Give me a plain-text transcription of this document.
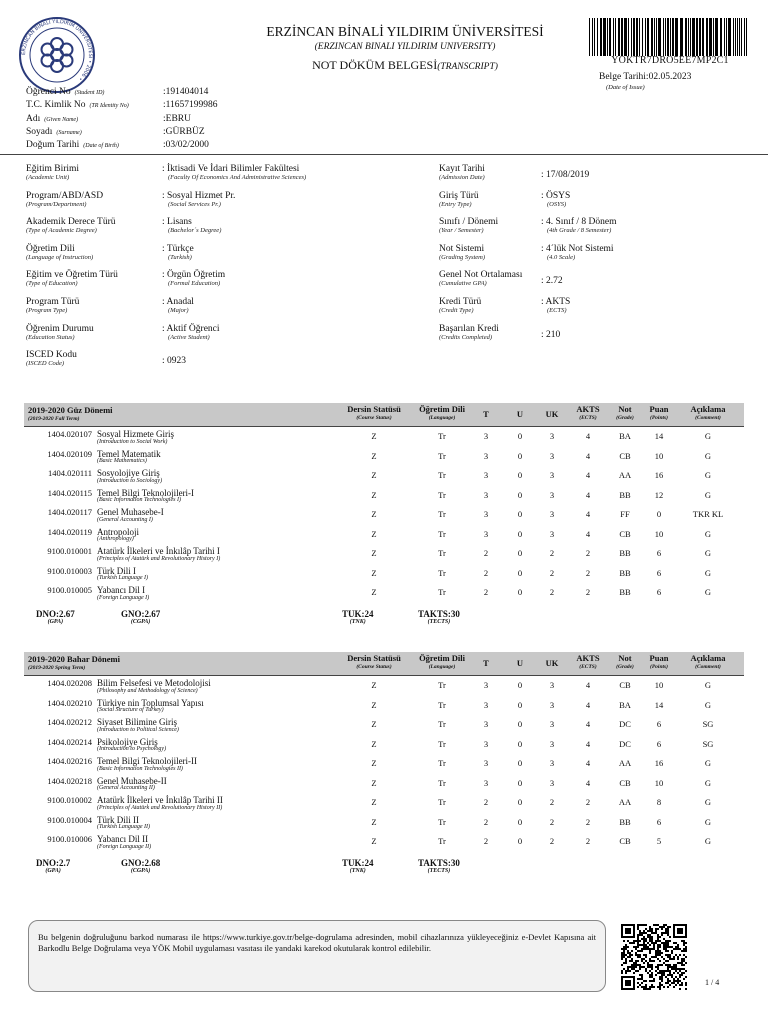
ERZİNCAN BİNALİ YILDIRIM ÜNİVERSİTESİ • 2006 •
ERZİNCAN BİNALİ YILDIRIM ÜNİVERSİTESİ
(ERZINCAN BINALI YILDIRIM UNIVERSITY)
NOT DÖKÜM BELGESİ(TRANSCRIPT)
YOKTR7DRO5EE7MP2C1
Belge Tarihi:02.05.2023
(Date of Issue)
Öğrenci No (Student ID)	:191404014
T.C. Kimlik No (TR Identity No)	:11657199986
Adı (Given Name)	:EBRU
Soyadı (Surname)	:GÜRBÜZ
Doğum Tarihi (Date of Birth)	:03/02/2000
Eğitim Birimi
(Academic Unit)
: İktisadi Ve İdari Bilimler Fakültesi
(Faculty Of Economics And Administrative Sciences)
Program/ABD/ASD
(Program/Department)
: Sosyal Hizmet Pr.
(Social Services Pr.)
Akademik Derece Türü
(Type of Academic Degree)
: Lisans
(Bachelor´s Degree)
Öğretim Dili
(Language of Instruction)
: Türkçe
(Turkish)
Eğitim ve Öğretim Türü
(Type of Education)
: Örgün Öğretim
(Formal Education)
Program Türü
(Program Type)
: Anadal
(Major)
Öğrenim Durumu
(Education Status)
: Aktif Öğrenci
(Active Student)
ISCED Kodu
(ISCED Code)	: 0923
Kayıt Tarihi
(Admission Date)	: 17/08/2019
Giriş Türü
(Entry Type)
: ÖSYS
(OSYS)
Sınıfı / Dönemi
(Year / Semester)
: 4. Sınıf / 8 Dönem
(4th Grade / 8 Semester)
Not Sistemi
(Grading System)
: 4´lük Not Sistemi
(4.0 Scale)
Genel Not Ortalaması
(Cumulative GPA)	: 2.72
Kredi Türü
(Credit Type)
: AKTS
(ECTS)
Başarılan Kredi
(Credits Completed)	: 210
2019-2020 Güz Dönemi
(2019-2020 Fall Term)
Dersin Statüsü
(Course Status)
Öğretim Dili
(Language)	T	U	UK	AKTS
(ECTS)
Not
(Grade)
Puan
(Points)
Açıklama
(Comment)
1404.020107 Sosyal Hizmete Giriş
(Introduction to Social Work)
Z	Tr	3	0	3	4	BA	14	G
1404.020109 Temel Matematik
(Basic Mathematics)
Z	Tr	3	0	3	4	CB	10	G
1404.020111 Sosyolojiye Giriş
(Introduction to Sociology)
Z	Tr	3	0	3	4	AA	16	G
1404.020115 Temel Bilgi Teknolojileri-I
(Basic Information Technologies I)
Z	Tr	3	0	3	4	BB	12	G
1404.020117 Genel Muhasebe-I
(General Accounting I)
Z	Tr	3	0	3	4	FF	0	TKR KL
1404.020119 Antropoloji
(Anthropology)
Z	Tr	3	0	3	4	CB	10	G
9100.010001 Atatürk İlkeleri ve İnkılâp Tarihi I
(Principles of Atatürk and Revolutionary History I)
Z	Tr	2	0	2	2	BB	6	G
9100.010003 Türk Dili I
(Turkish Language I)
Z	Tr	2	0	2	2	BB	6	G
9100.010005 Yabancı Dil I
(Foreign Language I)
Z	Tr	2	0	2	2	BB	6	G
DNO:2.67
(GPA)
GNO:2.67
(CGPA)
TUK:24
(TNK)
TAKTS:30
(TECTS)
2019-2020 Bahar Dönemi
(2019-2020 Spring Term)
Dersin Statüsü
(Course Status)
Öğretim Dili
(Language)	T	U	UK	AKTS
(ECTS)
Not
(Grade)
Puan
(Points)
Açıklama
(Comment)
1404.020208 Bilim Felsefesi ve Metodolojisi
(Philosophy and Methodology of Science)
Z	Tr	3	0	3	4	CB	10	G
1404.020210 Türkiye nin Toplumsal Yapısı
(Social Structure of Turkey)
Z	Tr	3	0	3	4	BA	14	G
1404.020212 Siyaset Bilimine Giriş
(Introduction to Political Science)
Z	Tr	3	0	3	4	DC	6	SG
1404.020214 Psikolojiye Giriş
(Introduction to Psychology)
Z	Tr	3	0	3	4	DC	6	SG
1404.020216 Temel Bilgi Teknolojileri-II
(Basic Information Technologies II)
Z	Tr	3	0	3	4	AA	16	G
1404.020218 Genel Muhasebe-II
(General Accounting II)
Z	Tr	3	0	3	4	CB	10	G
9100.010002 Atatürk İlkeleri ve İnkılâp Tarihi II
(Principles of Atatürk and Revolutionary History II)
Z	Tr	2	0	2	2	AA	8	G
9100.010004 Türk Dili II
(Turkish Language II)
Z	Tr	2	0	2	2	BB	6	G
9100.010006 Yabancı Dil II
(Foreign Language II)
Z	Tr	2	0	2	2	CB	5	G
DNO:2.7
(GPA)
GNO:2.68
(CGPA)
TUK:24
(TNK)
TAKTS:30
(TECTS)
Bu belgenin doğruluğunu barkod numarası ile https://www.turkiye.gov.tr/belge-dogrulama adresinden, mobil cihazlarınıza yükleyeceğiniz e-Devlet Kapısına ait Barkodlu Belge Doğrulama veya YÖK Mobil uygulaması vasıtası ile yandaki karekod okutularak kontrol edilebilir.
1 / 4
